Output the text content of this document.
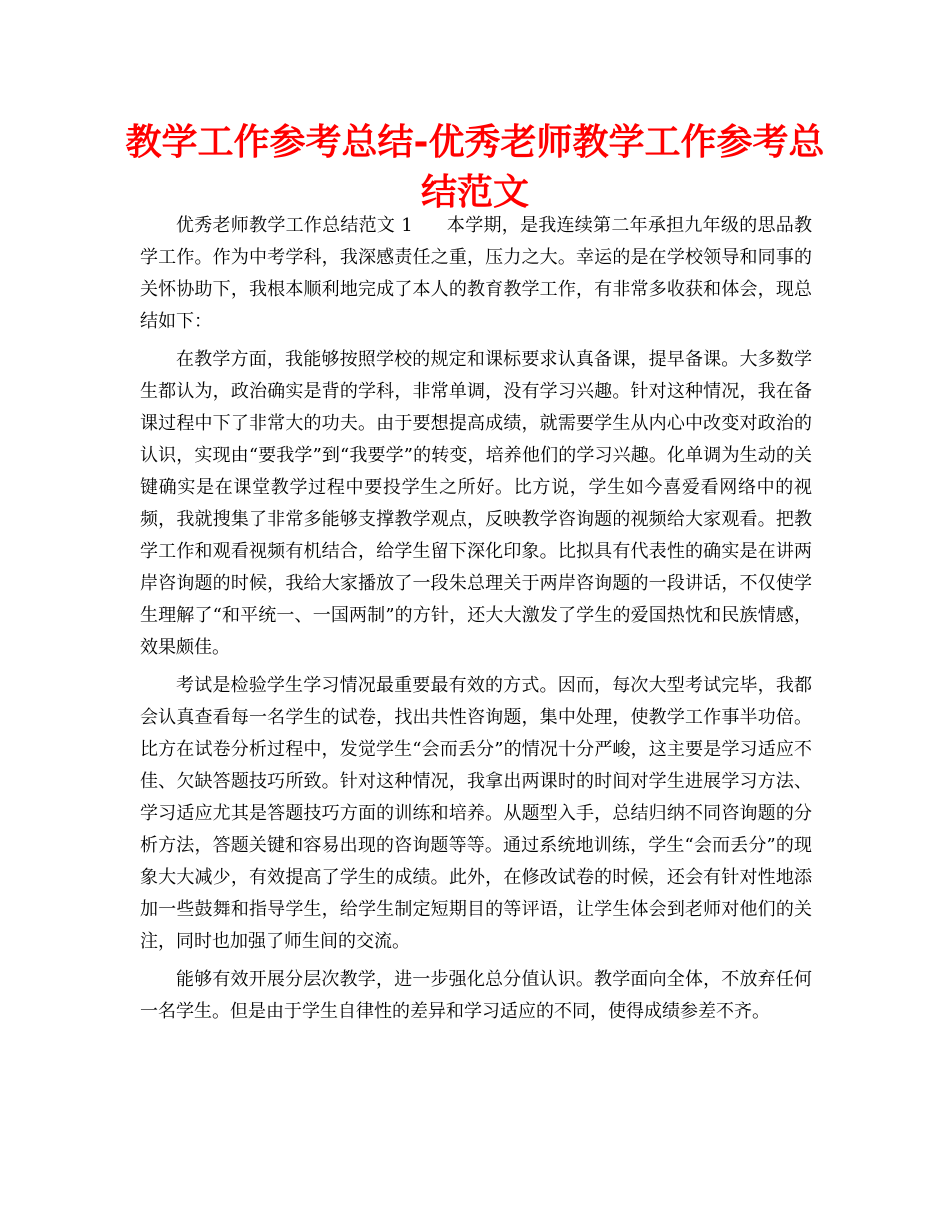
教学工作参考总结-优秀老师教学工作参考总结范文

优秀老师教学工作总结范文 1 本学期，是我连续第二年承担九年级的思品教学工作。作为中考学科，我深感责任之重，压力之大。幸运的是在学校领导和同事的关怀协助下，我根本顺利地完成了本人的教育教学工作，有非常多收获和体会，现总结如下：

在教学方面，我能够按照学校的规定和课标要求认真备课，提早备课。大多数学生都认为，政治确实是背的学科，非常单调，没有学习兴趣。针对这种情况，我在备课过程中下了非常大的功夫。由于要想提高成绩，就需要学生从内心中改变对政治的认识，实现由“要我学”到“我要学”的转变，培养他们的学习兴趣。化单调为生动的关键确实是在课堂教学过程中要投学生之所好。比方说，学生如今喜爱看网络中的视频，我就搜集了非常多能够支撑教学观点，反映教学咨询题的视频给大家观看。把教学工作和观看视频有机结合，给学生留下深化印象。比拟具有代表性的确实是在讲两岸咨询题的时候，我给大家播放了一段朱总理关于两岸咨询题的一段讲话，不仅使学生理解了“和平统一、一国两制”的方针，还大大激发了学生的爱国热忱和民族情感，效果颇佳。

考试是检验学生学习情况最重要最有效的方式。因而，每次大型考试完毕，我都会认真查看每一名学生的试卷，找出共性咨询题，集中处理，使教学工作事半功倍。比方在试卷分析过程中，发觉学生“会而丢分”的情况十分严峻，这主要是学习适应不佳、欠缺答题技巧所致。针对这种情况，我拿出两课时的时间对学生进展学习方法、学习适应尤其是答题技巧方面的训练和培养。从题型入手，总结归纳不同咨询题的分析方法，答题关键和容易出现的咨询题等等。通过系统地训练，学生“会而丢分”的现象大大减少，有效提高了学生的成绩。此外，在修改试卷的时候，还会有针对性地添加一些鼓舞和指导学生，给学生制定短期目的等评语，让学生体会到老师对他们的关注，同时也加强了师生间的交流。

能够有效开展分层次教学，进一步强化总分值认识。教学面向全体，不放弃任何一名学生。但是由于学生自律性的差异和学习适应的不同，使得成绩参差不齐。
